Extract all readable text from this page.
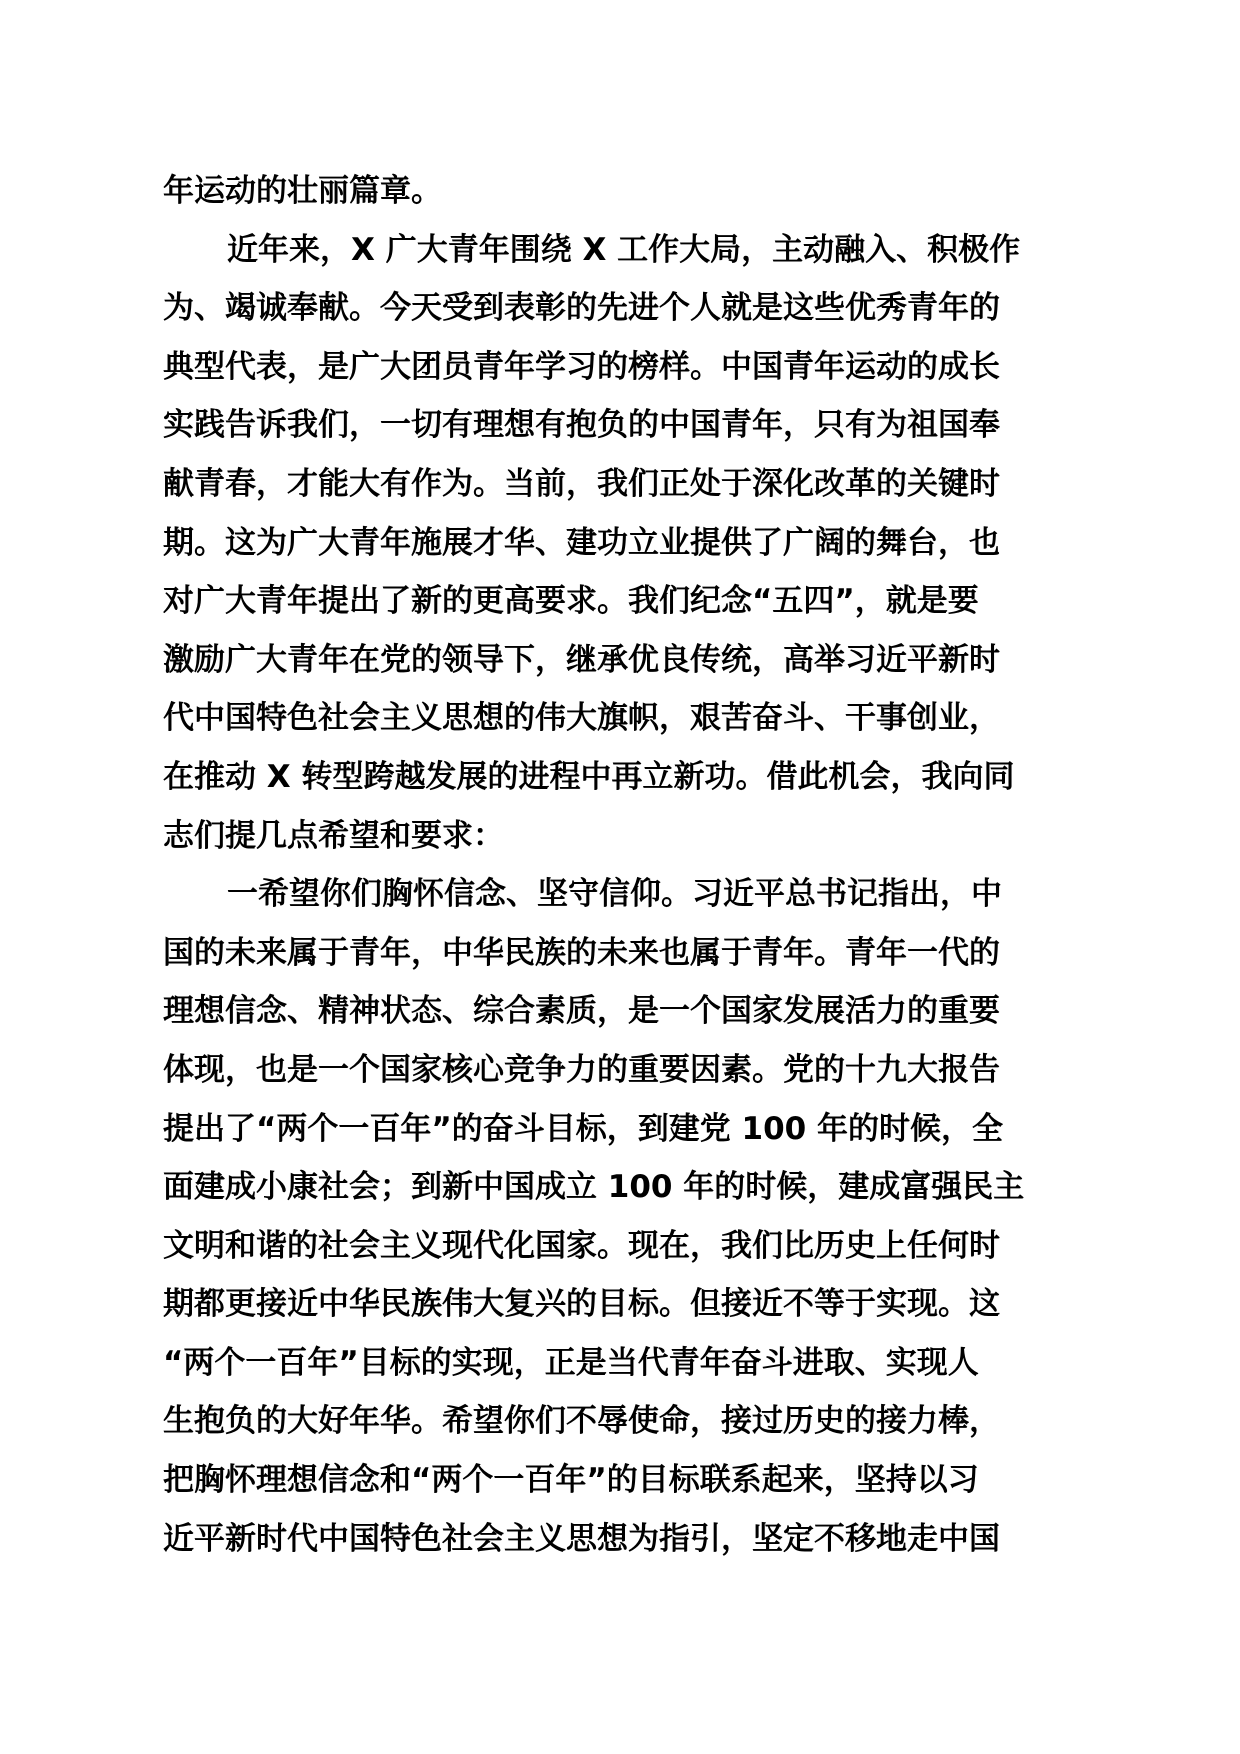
年运动的壮丽篇章。
近年来，X 广大青年围绕 X 工作大局，主动融入、积极作
为、竭诚奉献。今天受到表彰的先进个人就是这些优秀青年的
典型代表，是广大团员青年学习的榜样。中国青年运动的成长
实践告诉我们，一切有理想有抱负的中国青年，只有为祖国奉
献青春，才能大有作为。当前，我们正处于深化改革的关键时
期。这为广大青年施展才华、建功立业提供了广阔的舞台，也
对广大青年提出了新的更高要求。我们纪念“五四”，就是要
激励广大青年在党的领导下，继承优良传统，高举习近平新时
代中国特色社会主义思想的伟大旗帜，艰苦奋斗、干事创业，
在推动 X 转型跨越发展的进程中再立新功。借此机会，我向同
志们提几点希望和要求：
一希望你们胸怀信念、坚守信仰。习近平总书记指出，中
国的未来属于青年，中华民族的未来也属于青年。青年一代的
理想信念、精神状态、综合素质，是一个国家发展活力的重要
体现，也是一个国家核心竞争力的重要因素。党的十九大报告
提出了“两个一百年”的奋斗目标，到建党 100 年的时候，全
面建成小康社会；到新中国成立 100 年的时候，建成富强民主
文明和谐的社会主义现代化国家。现在，我们比历史上任何时
期都更接近中华民族伟大复兴的目标。但接近不等于实现。这
“两个一百年”目标的实现，正是当代青年奋斗进取、实现人
生抱负的大好年华。希望你们不辱使命，接过历史的接力棒，
把胸怀理想信念和“两个一百年”的目标联系起来，坚持以习
近平新时代中国特色社会主义思想为指引，坚定不移地走中国
